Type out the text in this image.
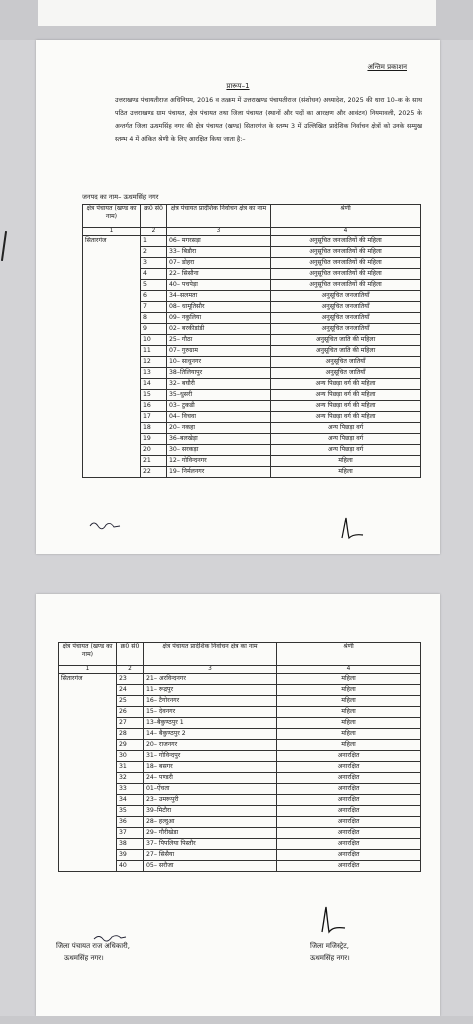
अन्तिम प्रकाशन
प्रारूप–1
उत्तराखण्ड पंचायतीराज अधिनियम, 2016 व तत्क्रम में उत्तराखण्ड पंचायतीराज (संशोधन) अध्यादेश, 2025 की धारा 10–क के साथ पठित उत्तराखण्ड ग्राम पंचायत, क्षेत्र पंचायत तथा जिला पंचायत (स्थानों और पदों का आरक्षण और आवंटन) नियमावली, 2025 के अन्तर्गत जिला ऊधमसिंह नगर की क्षेत्र पंचायत (खण्ड) सितारगंज के स्तम्भ 3 में उल्लिखित प्रादेशिक निर्वाचन क्षेत्रों को उनके सम्मुख स्तम्भ 4 में अंकित श्रेणी के लिए आरक्षित किया जाता है:–
जनपद का नाम– ऊधमसिंह नगर
क्षेत्र पंचायत (खण्ड का नाम)	क्र0 सं0	क्षेत्र पंचायत प्रादेशिक निर्वाचन क्षेत्र का नाम	श्रेणी
1	2	3	4
सितारगंज	1	06– मगरसड़ा	अनुसूचित जनजातियों की महिला
	2	33– बिडौरा	अनुसूचित जनजातियों की महिला
	3	07– डोहरा	अनुसूचित जनजातियों की महिला
	4	22– सिसौना	अनुसूचित जनजातियों की महिला
	5	40– पचपेड़ा	अनुसूचित जनजातियों की महिला
	6	34–सलमता	अनुसूचित जनजातियाँ
	7	08– धामूतिसौर	अनुसूचित जनजातियाँ
	8	09– नकुलिया	अनुसूचित जनजातियाँ
	9	02– बरकीडांडी	अनुसूचित जनजातियाँ
	10	25– गौठा	अनुसूचित जाति की महिला
	11	07– गुरुग्राम	अनुसूचित जाति की महिला
	12	10– साधुनगर	अनुसूचित जातियाँ
	13	38–तिलियापुर	अनुसूचित जातियाँ
	14	32– बघौरी	अन्य पिछड़ा वर्ग की महिला
	15	35–धुसरी	अन्य पिछड़ा वर्ग की महिला
	16	03– टुकडी	अन्य पिछड़ा वर्ग की महिला
	17	04– विचवा	अन्य पिछड़ा वर्ग की महिला
	18	20– नकहा	अन्य पिछड़ा वर्ग
	19	36–बलखेड़ा	अन्य पिछड़ा वर्ग
	20	30– सरकड़ा	अन्य पिछड़ा वर्ग
	21	12– गोविन्दनगर	महिला
	22	19– निर्मलनगर	महिला
क्षेत्र पंचायत (खण्ड का नाम)	क्र0 सं0	क्षेत्र पंचायत प्रादेशिक निर्वाचन क्षेत्र का नाम	श्रेणी
1	2	3	4
सितारगंज	23	21– अरविन्दनगर	महिला
	24	11– रूद्रपुर	महिला
	25	16– टैगोरनगर	महिला
	26	15– देवनगर	महिला
	27	13–बैकुण्ठपुर 1	महिला
	28	14– बैकुण्ठपुर 2	महिला
	29	20– राजनगर	महिला
	30	31– गोविन्दपुर	अनारक्षित
	31	18– बसगर	अनारक्षित
	32	24– पण्डरी	अनारक्षित
	33	01–ऐंचता	अनारक्षित
	34	23– उमरूपुरी	अनारक्षित
	35	39–मिटौरा	अनारक्षित
	36	28– हल्दुआ	अनारक्षित
	37	29– गौरीखेडा	अनारक्षित
	38	37– पिपलिया पिस्तौर	अनारक्षित
	39	27– सिसैया	अनारक्षित
	40	05– सरौजा	अनारक्षित
जिला पंचायत राज अधिकारी,
ऊधमसिंह नगर।
जिला मजिस्ट्रेट,
ऊधमसिंह नगर।
